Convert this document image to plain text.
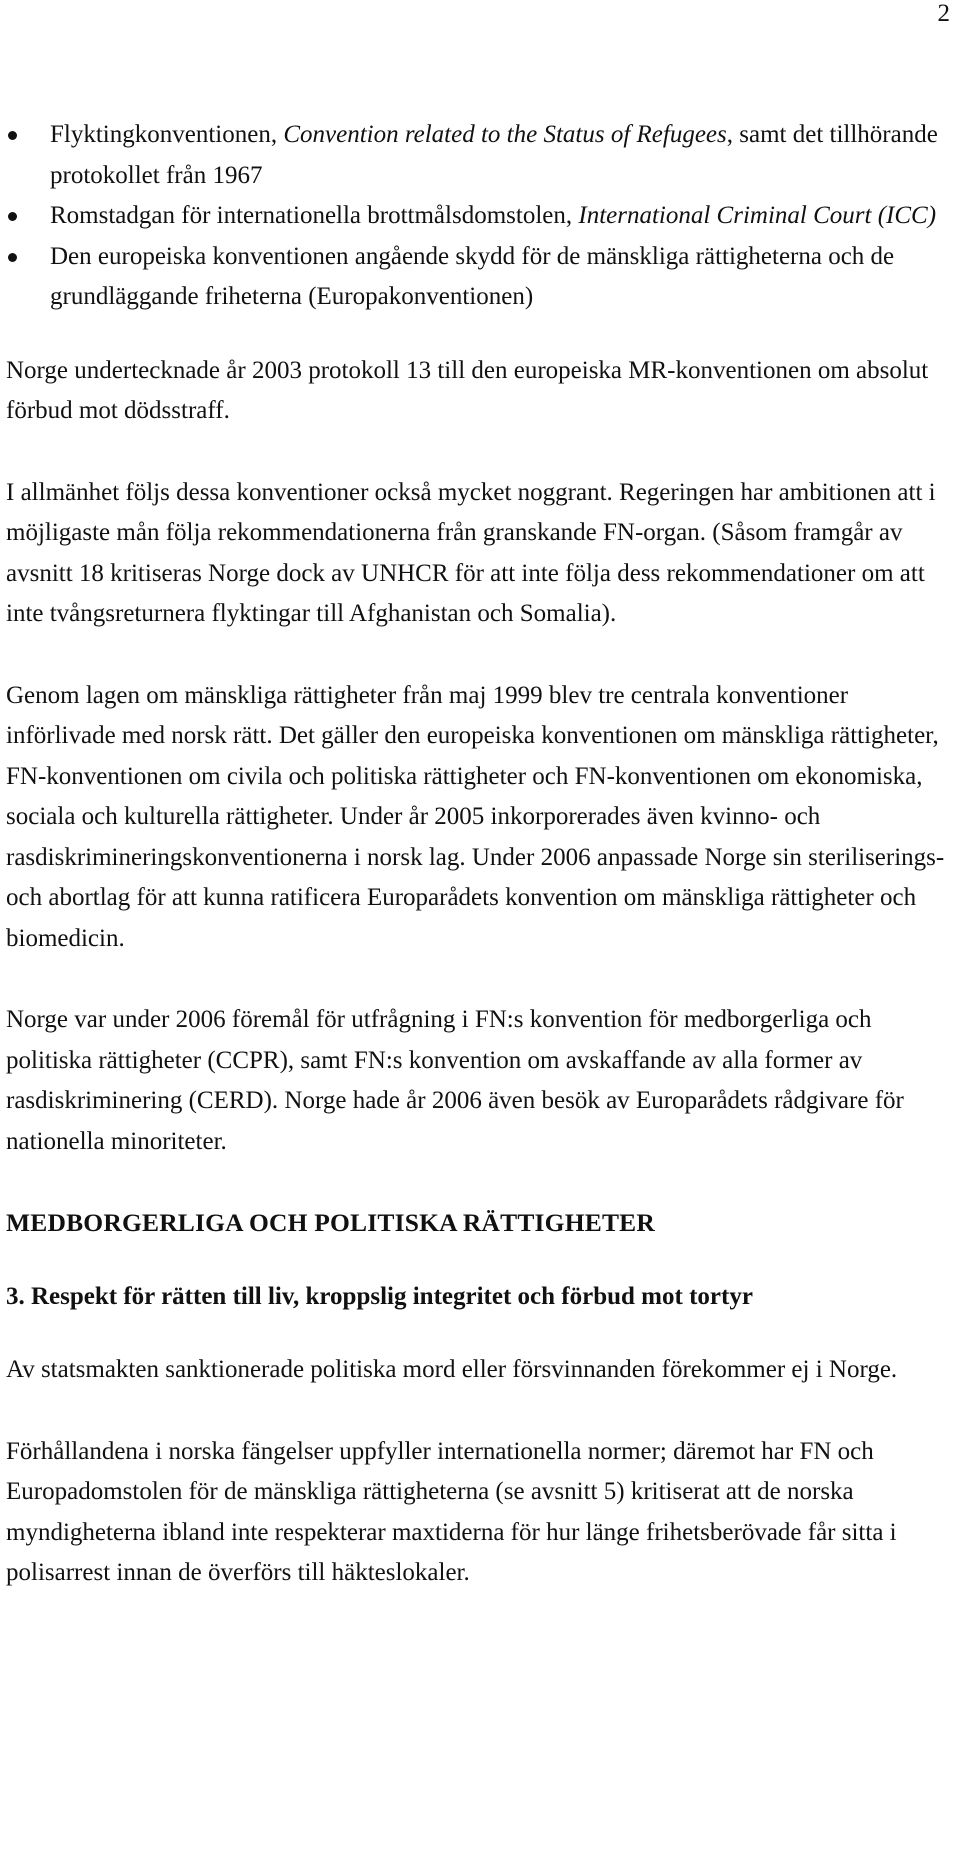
2
Flyktingkonventionen, Convention related to the Status of Refugees, samt det tillhörande protokollet från 1967
Romstadgan för internationella brottmålsdomstolen, International Criminal Court (ICC)
Den europeiska konventionen angående skydd för de mänskliga rättigheterna och de grundläggande friheterna (Europakonventionen)

Norge undertecknade år 2003 protokoll 13 till den europeiska MR-konventionen om absolut förbud mot dödsstraff.

I allmänhet följs dessa konventioner också mycket noggrant. Regeringen har ambitionen att i möjligaste mån följa rekommendationerna från granskande FN-organ. (Såsom framgår av avsnitt 18 kritiseras Norge dock av UNHCR för att inte följa dess rekommendationer om att inte tvångsreturnera flyktingar till Afghanistan och Somalia).

Genom lagen om mänskliga rättigheter från maj 1999 blev tre centrala konventioner införlivade med norsk rätt. Det gäller den europeiska konventionen om mänskliga rättigheter, FN-konventionen om civila och politiska rättigheter och FN-konventionen om ekonomiska, sociala och kulturella rättigheter. Under år 2005 inkorporerades även kvinno- och rasdiskrimineringskonventionerna i norsk lag. Under 2006 anpassade Norge sin steriliserings- och abortlag för att kunna ratificera Europarådets konvention om mänskliga rättigheter och biomedicin.

Norge var under 2006 föremål för utfrågning i FN:s konvention för medborgerliga och politiska rättigheter (CCPR), samt FN:s konvention om avskaffande av alla former av rasdiskriminering (CERD). Norge hade år 2006 även besök av Europarådets rådgivare för nationella minoriteter.

MEDBORGERLIGA OCH POLITISKA RÄTTIGHETER

3. Respekt för rätten till liv, kroppslig integritet och förbud mot tortyr

Av statsmakten sanktionerade politiska mord eller försvinnanden förekommer ej i Norge.

Förhållandena i norska fängelser uppfyller internationella normer; däremot har FN och Europadomstolen för de mänskliga rättigheterna (se avsnitt 5) kritiserat att de norska myndigheterna ibland inte respekterar maxtiderna för hur länge frihetsberövade får sitta i polisarrest innan de överförs till häkteslokaler.
